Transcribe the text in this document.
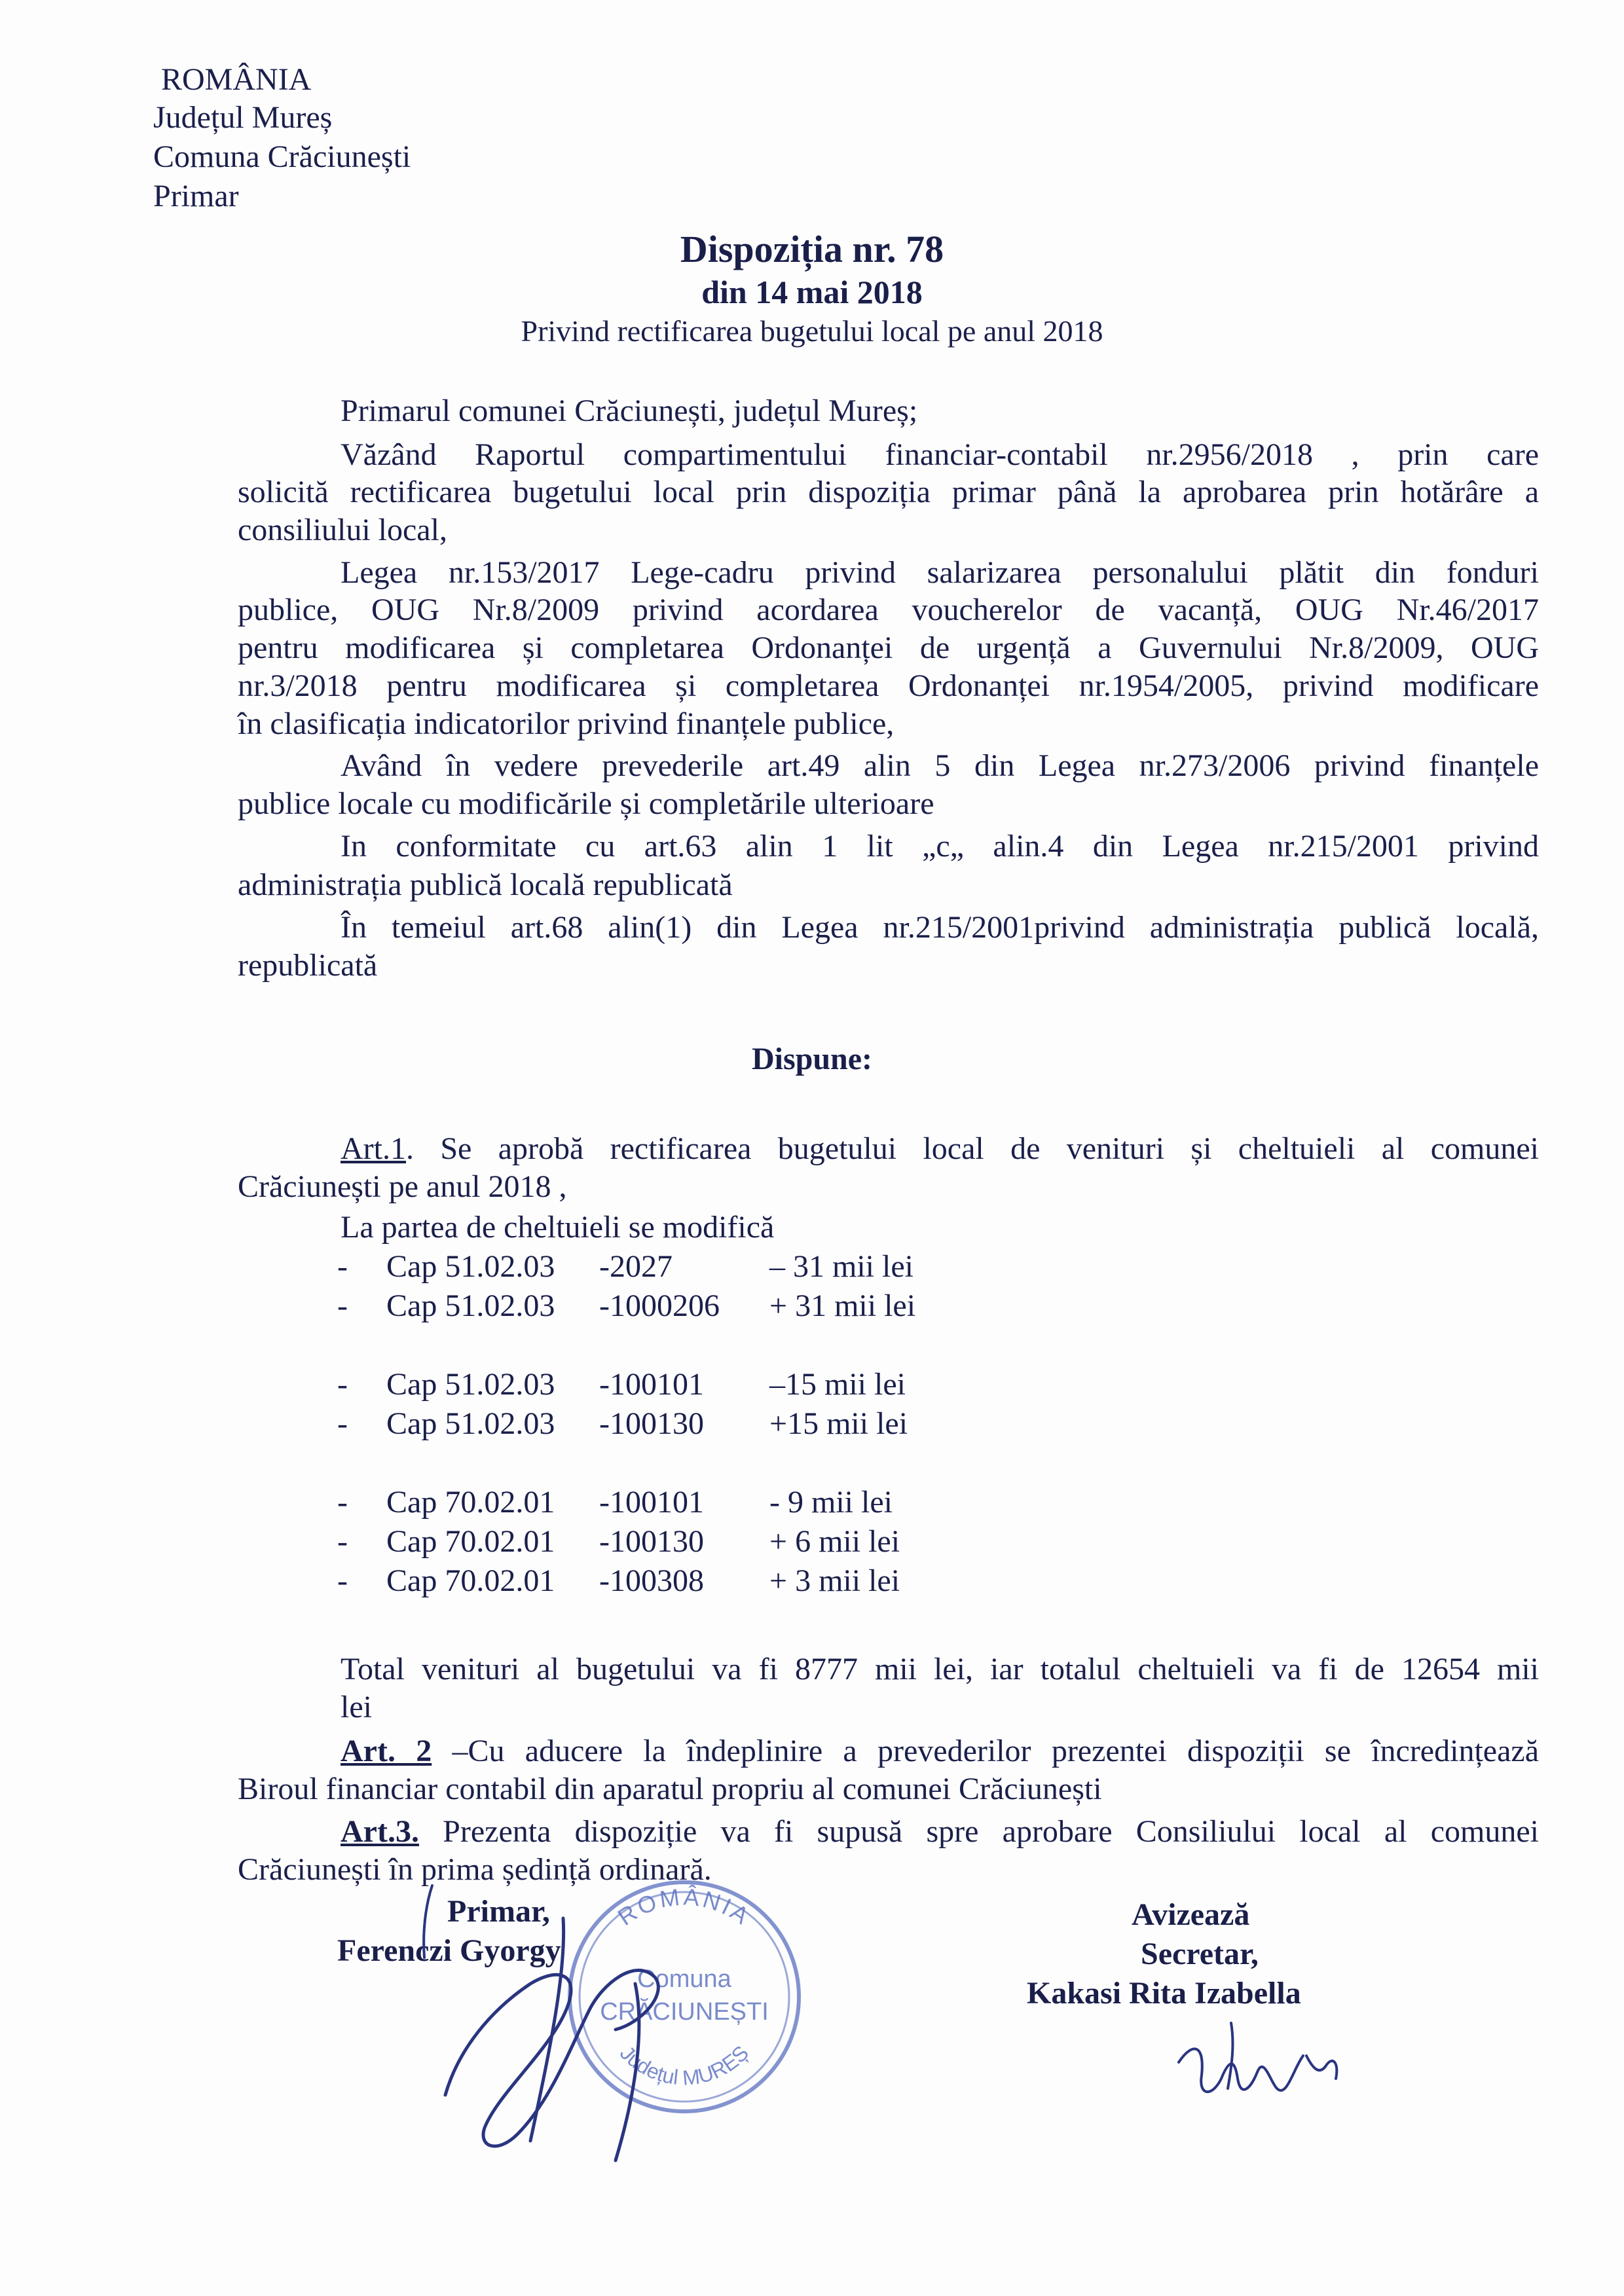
ROMÂNIA
Județul Mureș
Comuna Crăciunești
Primar
Dispoziția nr. 78
din 14 mai 2018
Privind rectificarea bugetului local pe anul 2018
Primarul comunei Crăciunești, județul Mureș;
Văzând Raportul compartimentului financiar-contabil nr.2956/2018 , prin care
solicită rectificarea bugetului local prin dispoziția primar până la aprobarea prin hotărâre a
consiliului local,
Legea nr.153/2017 Lege-cadru privind salarizarea personalului plătit din fonduri
publice, OUG Nr.8/2009 privind acordarea voucherelor de vacanță, OUG Nr.46/2017
pentru modificarea și completarea Ordonanței de urgență a Guvernului Nr.8/2009, OUG
nr.3/2018 pentru modificarea și completarea Ordonanței nr.1954/2005, privind modificare
în clasificația indicatorilor privind finanțele publice,
Având în vedere prevederile art.49 alin 5 din Legea nr.273/2006 privind finanțele
publice locale cu modificările și completările ulterioare
In conformitate cu art.63 alin 1 lit „c„ alin.4 din Legea nr.215/2001 privind
administrația publică locală republicată
În temeiul art.68 alin(1) din Legea nr.215/2001privind administrația publică locală,
republicată
Dispune:
Art.1. Se aprobă rectificarea bugetului local de venituri și cheltuieli al comunei
Crăciunești pe anul 2018 ,
La partea de cheltuieli se modifică
- Cap 51.02.03 -2027	– 31 mii lei
- Cap 51.02.03 -1000206 + 31 mii lei
- Cap 51.02.03 -100101 –15 mii lei
- Cap 51.02.03 -100130 +15 mii lei
- Cap 70.02.01 -100101 - 9 mii lei
- Cap 70.02.01 -100130 + 6 mii lei
- Cap 70.02.01 -100308 + 3 mii lei
Total venituri al bugetului va fi 8777 mii lei, iar totalul cheltuieli va fi de 12654 mii
lei
Art. 2 –Cu aducere la îndeplinire a prevederilor prezentei dispoziții se încredințează
Biroul financiar contabil din aparatul propriu al comunei Crăciunești
Art.3. Prezenta dispoziție va fi supusă spre aprobare Consiliului local al comunei
Crăciunești în prima ședință ordinară.
Primar,
Ferenczi Gyorgy
Avizează
Secretar,
Kakasi Rita Izabella
ROMÂNIA
Comuna
CRĂCIUNEȘTI
Județul MUREȘ
